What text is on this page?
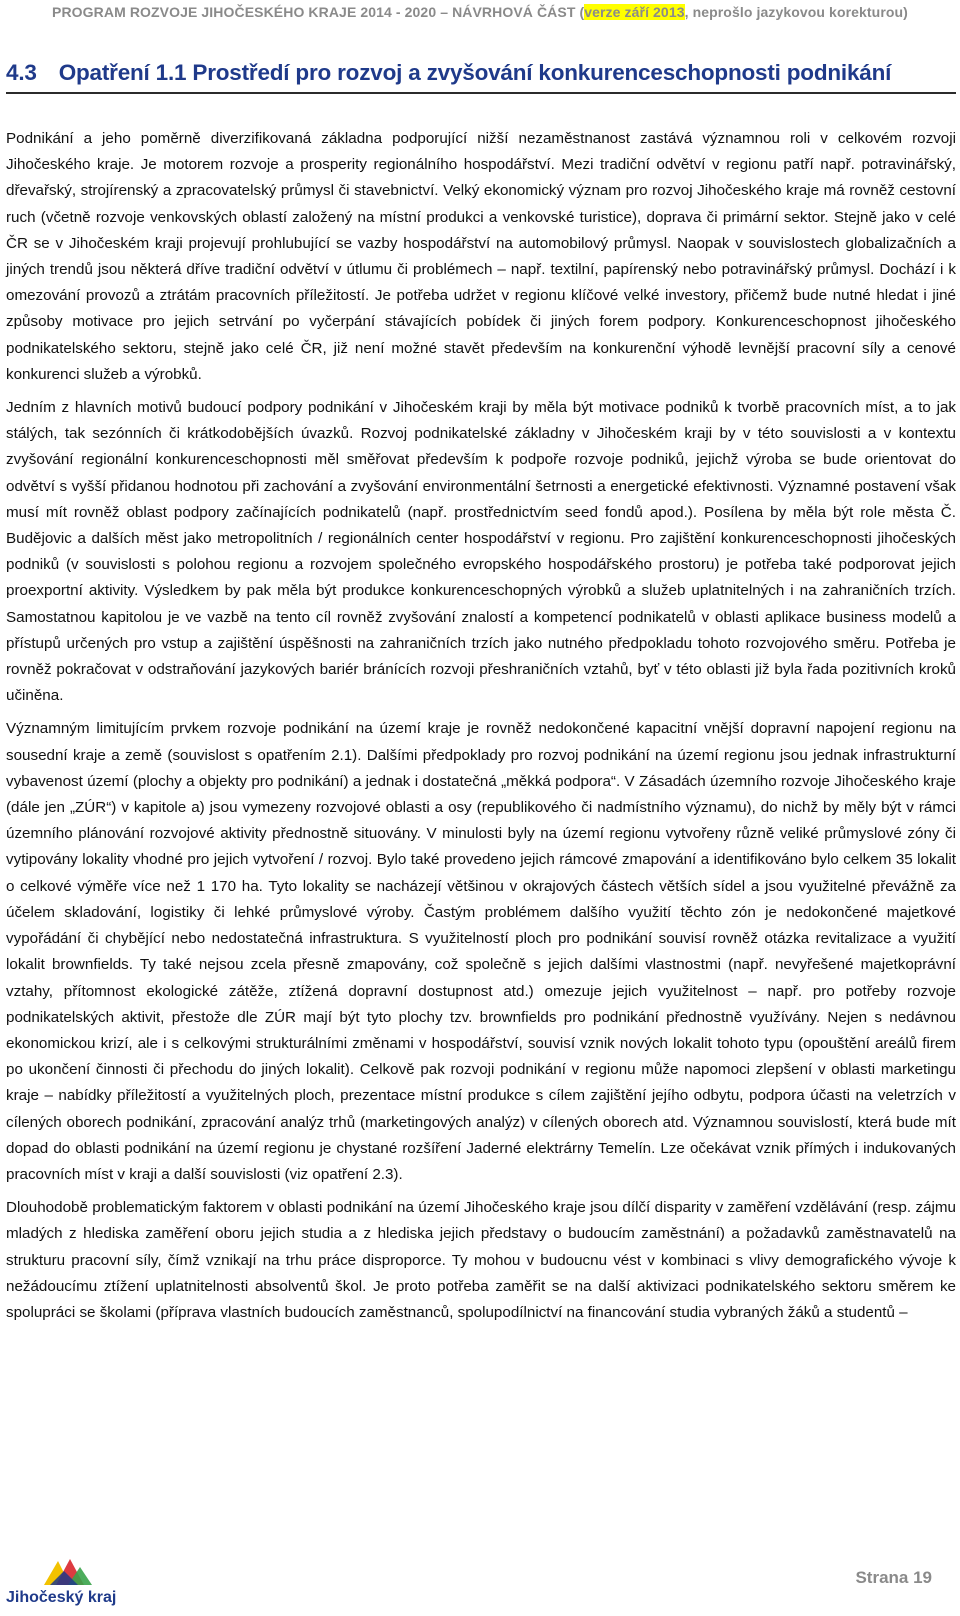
PROGRAM ROZVOJE JIHOČESKÉHO KRAJE 2014 - 2020 – NÁVRHOVÁ ČÁST (verze září 2013, neprošlo jazykovou korekturou)
4.3 Opatření 1.1 Prostředí pro rozvoj a zvyšování konkurenceschopnosti podnikání

Podnikání a jeho poměrně diverzifikovaná základna podporující nižší nezaměstnanost zastává významnou roli v celkovém rozvoji Jihočeského kraje. Je motorem rozvoje a prosperity regionálního hospodářství. Mezi tradiční odvětví v regionu patří např. potravinářský, dřevařský, strojírenský a zpracovatelský průmysl či stavebnictví. Velký ekonomický význam pro rozvoj Jihočeského kraje má rovněž cestovní ruch (včetně rozvoje venkovských oblastí založený na místní produkci a venkovské turistice), doprava či primární sektor. Stejně jako v celé ČR se v Jihočeském kraji projevují prohlubující se vazby hospodářství na automobilový průmysl. Naopak v souvislostech globalizačních a jiných trendů jsou některá dříve tradiční odvětví v útlumu či problémech – např. textilní, papírenský nebo potravinářský průmysl. Dochází i k omezování provozů a ztrátám pracovních příležitostí. Je potřeba udržet v regionu klíčové velké investory, přičemž bude nutné hledat i jiné způsoby motivace pro jejich setrvání po vyčerpání stávajících pobídek či jiných forem podpory. Konkurenceschopnost jihočeského podnikatelského sektoru, stejně jako celé ČR, již není možné stavět především na konkurenční výhodě levnější pracovní síly a cenové konkurenci služeb a výrobků.

Jedním z hlavních motivů budoucí podpory podnikání v Jihočeském kraji by měla být motivace podniků k tvorbě pracovních míst, a to jak stálých, tak sezónních či krátkodobějších úvazků. Rozvoj podnikatelské základny v Jihočeském kraji by v této souvislosti a v kontextu zvyšování regionální konkurenceschopnosti měl směřovat především k podpoře rozvoje podniků, jejichž výroba se bude orientovat do odvětví s vyšší přidanou hodnotou při zachování a zvyšování environmentální šetrnosti a energetické efektivnosti. Významné postavení však musí mít rovněž oblast podpory začínajících podnikatelů (např. prostřednictvím seed fondů apod.). Posílena by měla být role města Č. Budějovic a dalších měst jako metropolitních / regionálních center hospodářství v regionu. Pro zajištění konkurenceschopnosti jihočeských podniků (v souvislosti s polohou regionu a rozvojem společného evropského hospodářského prostoru) je potřeba také podporovat jejich proexportní aktivity. Výsledkem by pak měla být produkce konkurenceschopných výrobků a služeb uplatnitelných i na zahraničních trzích. Samostatnou kapitolou je ve vazbě na tento cíl rovněž zvyšování znalostí a kompetencí podnikatelů v oblasti aplikace business modelů a přístupů určených pro vstup a zajištění úspěšnosti na zahraničních trzích jako nutného předpokladu tohoto rozvojového směru. Potřeba je rovněž pokračovat v odstraňování jazykových bariér bránících rozvoji přeshraničních vztahů, byť v této oblasti již byla řada pozitivních kroků učiněna.

Významným limitujícím prvkem rozvoje podnikání na území kraje je rovněž nedokončené kapacitní vnější dopravní napojení regionu na sousední kraje a země (souvislost s opatřením 2.1). Dalšími předpoklady pro rozvoj podnikání na území regionu jsou jednak infrastrukturní vybavenost území (plochy a objekty pro podnikání) a jednak i dostatečná „měkká podpora“. V Zásadách územního rozvoje Jihočeského kraje (dále jen „ZÚR“) v kapitole a) jsou vymezeny rozvojové oblasti a osy (republikového či nadmístního významu), do nichž by měly být v rámci územního plánování rozvojové aktivity přednostně situovány. V minulosti byly na území regionu vytvořeny různě veliké průmyslové zóny či vytipovány lokality vhodné pro jejich vytvoření / rozvoj. Bylo také provedeno jejich rámcové zmapování a identifikováno bylo celkem 35 lokalit o celkové výměře více než 1 170 ha. Tyto lokality se nacházejí většinou v okrajových částech větších sídel a jsou využitelné převážně za účelem skladování, logistiky či lehké průmyslové výroby. Častým problémem dalšího využití těchto zón je nedokončené majetkové vypořádání či chybějící nebo nedostatečná infrastruktura. S využitelností ploch pro podnikání souvisí rovněž otázka revitalizace a využití lokalit brownfields. Ty také nejsou zcela přesně zmapovány, což společně s jejich dalšími vlastnostmi (např. nevyřešené majetkoprávní vztahy, přítomnost ekologické zátěže, ztížená dopravní dostupnost atd.) omezuje jejich využitelnost – např. pro potřeby rozvoje podnikatelských aktivit, přestože dle ZÚR mají být tyto plochy tzv. brownfields pro podnikání přednostně využívány. Nejen s nedávnou ekonomickou krizí, ale i s celkovými strukturálními změnami v hospodářství, souvisí vznik nových lokalit tohoto typu (opouštění areálů firem po ukončení činnosti či přechodu do jiných lokalit). Celkově pak rozvoji podnikání v regionu může napomoci zlepšení v oblasti marketingu kraje – nabídky příležitostí a využitelných ploch, prezentace místní produkce s cílem zajištění jejího odbytu, podpora účasti na veletrzích v cílených oborech podnikání, zpracování analýz trhů (marketingových analýz) v cílených oborech atd. Významnou souvislostí, která bude mít dopad do oblasti podnikání na území regionu je chystané rozšíření Jaderné elektrárny Temelín. Lze očekávat vznik přímých i indukovaných pracovních míst v kraji a další souvislosti (viz opatření 2.3).

Dlouhodobě problematickým faktorem v oblasti podnikání na území Jihočeského kraje jsou dílčí disparity v zaměření vzdělávání (resp. zájmu mladých z hlediska zaměření oboru jejich studia a z hlediska jejich představy o budoucím zaměstnání) a požadavků zaměstnavatelů na strukturu pracovní síly, čímž vznikají na trhu práce disproporce. Ty mohou v budoucnu vést v kombinaci s vlivy demografického vývoje k nežádoucímu ztížení uplatnitelnosti absolventů škol. Je proto potřeba zaměřit se na další aktivizaci podnikatelského sektoru směrem ke spolupráci se školami (příprava vlastních budoucích zaměstnanců, spolupodílnictví na financování studia vybraných žáků a studentů –

Jihočeský kraj
Strana 19
